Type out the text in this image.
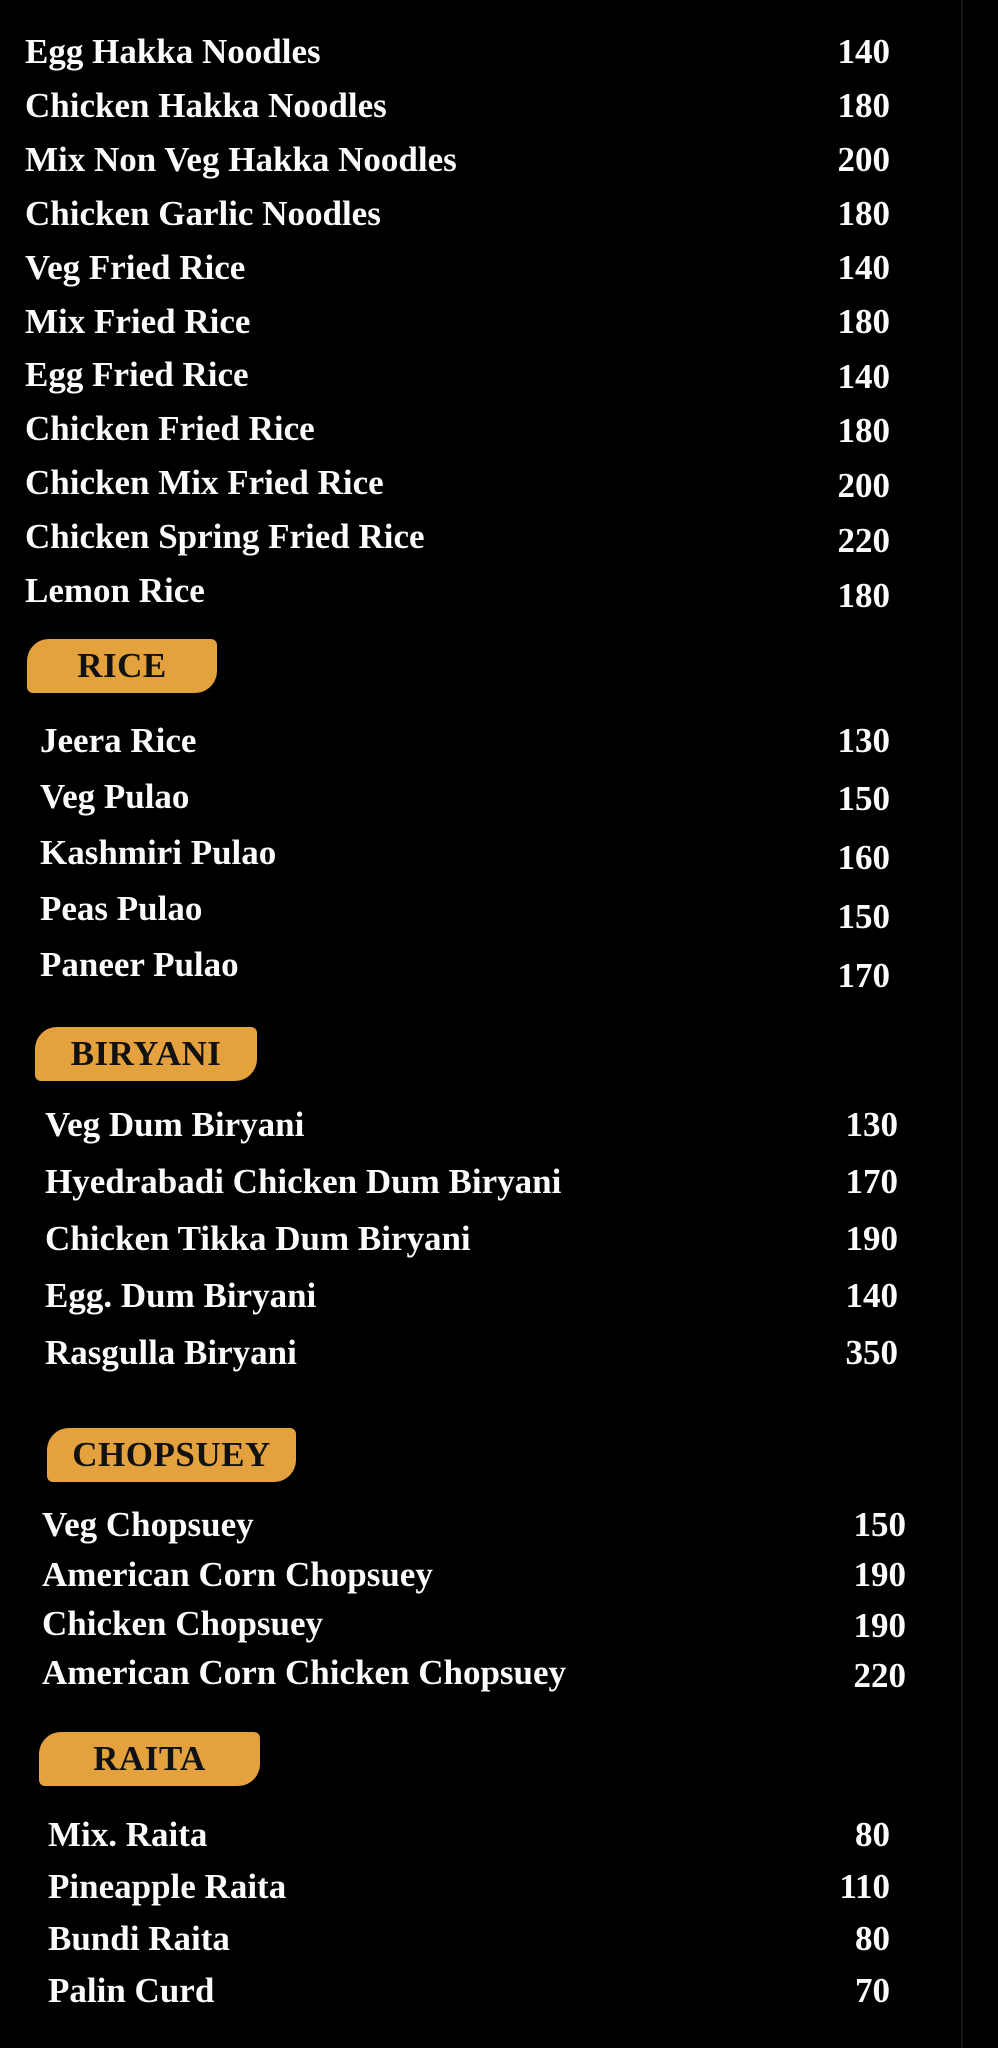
Egg Hakka Noodles	140
Chicken Hakka Noodles	180
Mix Non Veg Hakka Noodles	200
Chicken Garlic Noodles	180
Veg Fried Rice	140
Mix Fried Rice	180
Egg Fried Rice	140
Chicken Fried Rice	180
Chicken Mix Fried Rice	200
Chicken Spring Fried Rice	220
Lemon Rice	180
RICE
Jeera Rice	130
Veg Pulao	150
Kashmiri Pulao	160
Peas Pulao	150
Paneer Pulao	170
BIRYANI
Veg Dum Biryani	130
Hyedrabadi Chicken Dum Biryani	170
Chicken Tikka Dum Biryani	190
Egg. Dum Biryani	140
Rasgulla Biryani	350
CHOPSUEY
Veg Chopsuey	150
American Corn Chopsuey	190
Chicken Chopsuey	190
American Corn Chicken Chopsuey	220
RAITA
Mix. Raita	80
Pineapple Raita	110
Bundi Raita	80
Palin Curd	70
